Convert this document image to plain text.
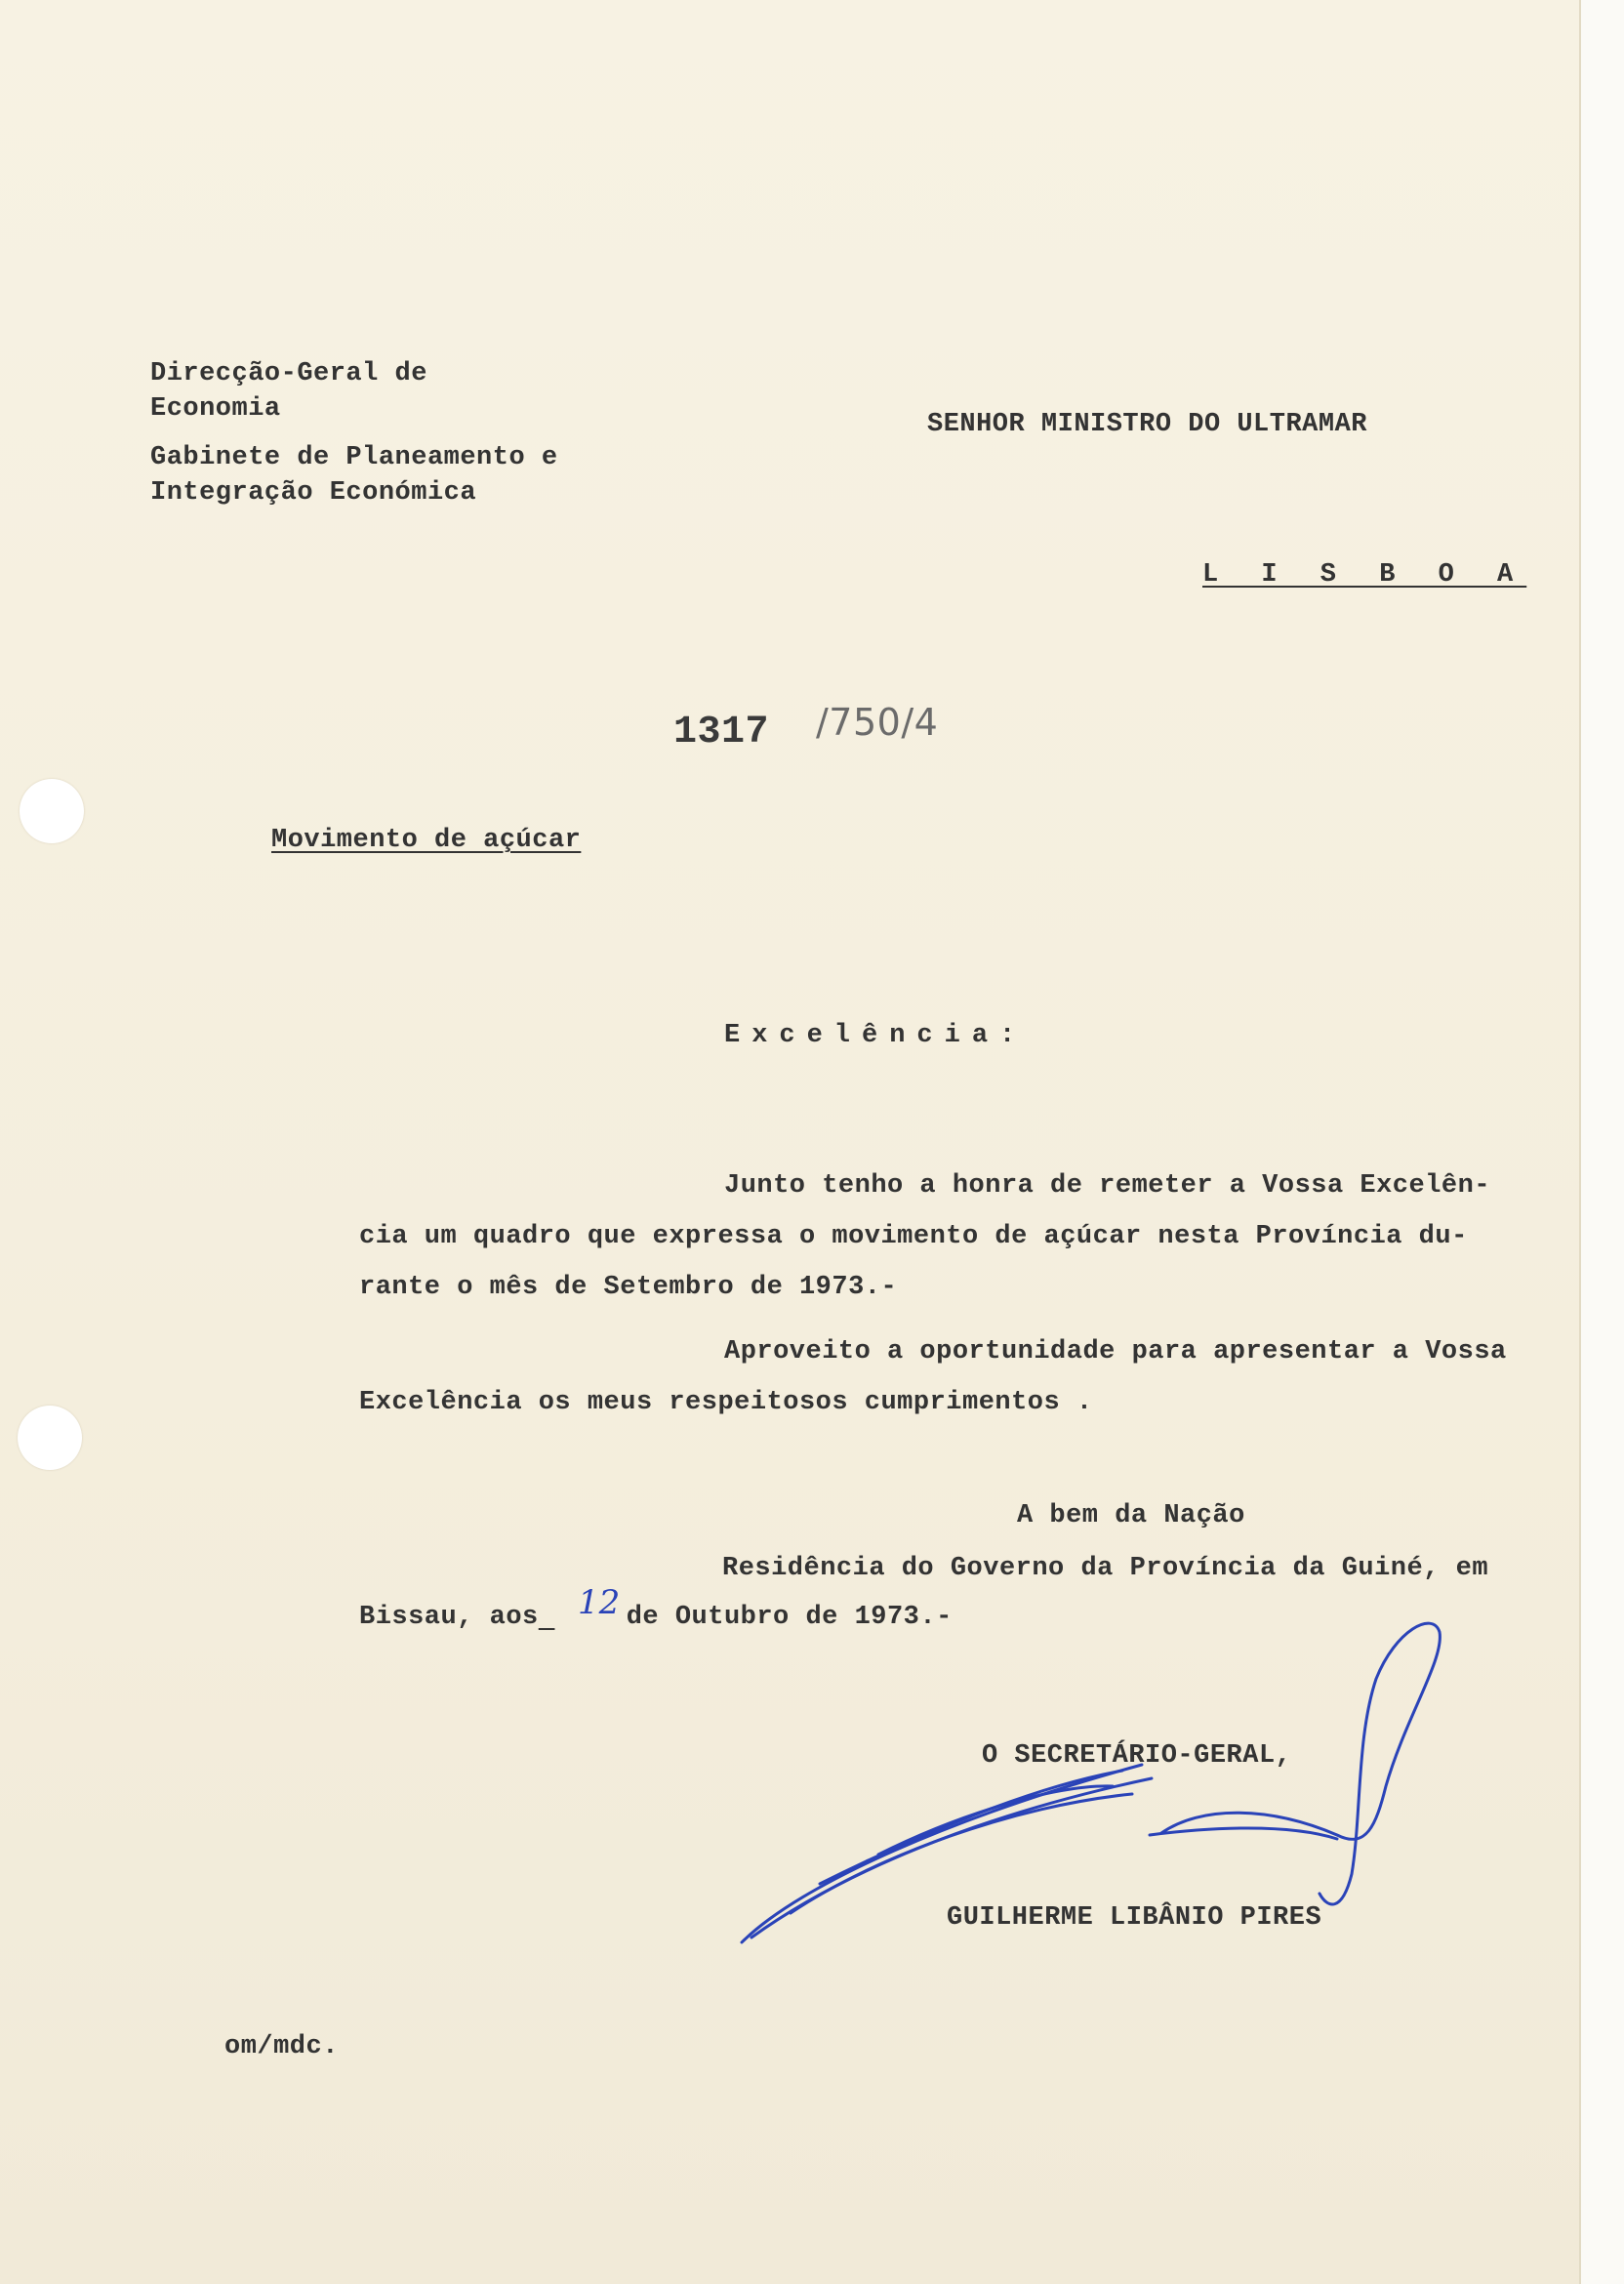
Direcção-Geral de
Economia
Gabinete de Planeamento e
Integração Económica
SENHOR MINISTRO DO ULTRAMAR
L I S B O A
1317 /750/4
Movimento de açúcar
Excelência:
Junto tenho a honra de remeter a Vossa Excelên-
cia um quadro que expressa o movimento de açúcar nesta Província du-
rante o mês de Setembro de 1973.-
Aproveito a oportunidade para apresentar a Vossa
Excelência os meus respeitosos cumprimentos .
A bem da Nação
Residência do Governo da Província da Guiné, em
Bissau, aos	de Outubro de 1973.-
12
O SECRETÁRIO-GERAL,
GUILHERME LIBÂNIO PIRES
om/mdc.
